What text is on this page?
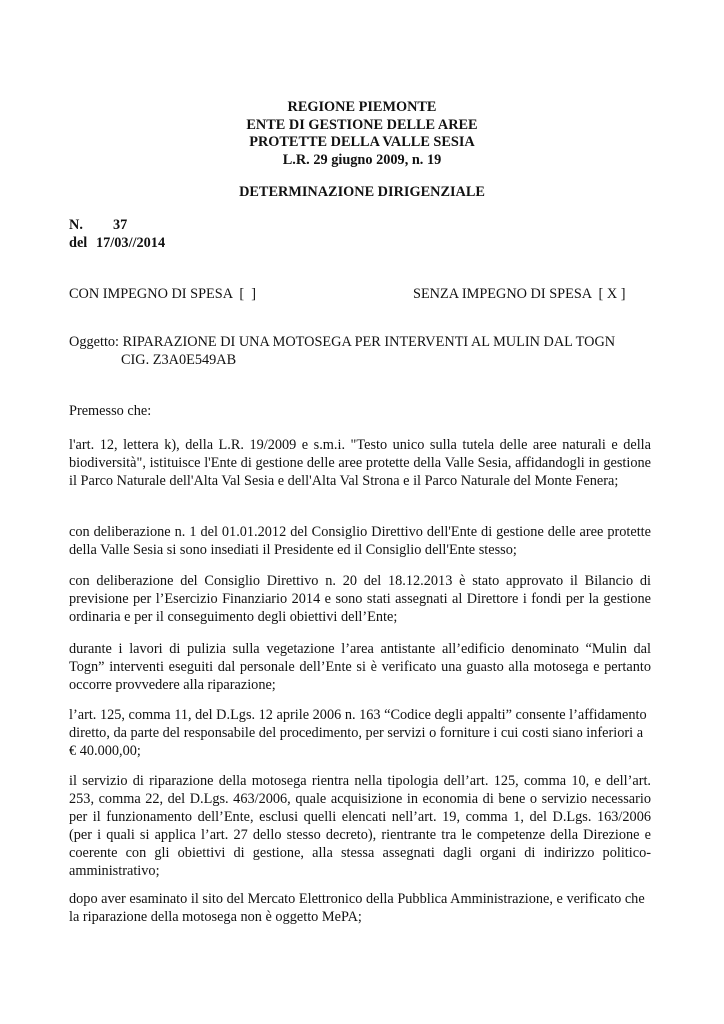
REGIONE PIEMONTE
ENTE DI GESTIONE DELLE AREE
PROTETTE DELLA VALLE SESIA
L.R. 29 giugno 2009, n. 19
DETERMINAZIONE DIRIGENZIALE
N. 37
del 17/03//2014
CON IMPEGNO DI SPESA  [  ]	SENZA IMPEGNO DI SPESA  [ X ]
Oggetto: RIPARAZIONE DI UNA MOTOSEGA PER INTERVENTI AL MULIN DAL TOGN
CIG. Z3A0E549AB
Premesso che:
l'art. 12, lettera k), della L.R. 19/2009 e s.m.i. "Testo unico sulla tutela delle aree naturali e della biodiversità", istituisce l'Ente di gestione delle aree protette della Valle Sesia, affidandogli in gestione il Parco Naturale dell'Alta Val Sesia e dell'Alta Val Strona e il Parco Naturale del Monte Fenera;
con deliberazione n. 1 del 01.01.2012 del Consiglio Direttivo dell'Ente di gestione delle aree protette della Valle Sesia si sono insediati il Presidente ed il Consiglio dell'Ente stesso;
con deliberazione del Consiglio Direttivo n. 20 del 18.12.2013 è stato approvato il Bilancio di previsione per l’Esercizio Finanziario 2014 e sono stati assegnati al Direttore i fondi per la gestione ordinaria e per il conseguimento degli obiettivi dell’Ente;
durante i lavori di pulizia sulla vegetazione l’area antistante all’edificio denominato “Mulin dal Togn” interventi eseguiti dal personale dell’Ente si è verificato una guasto alla motosega e pertanto occorre provvedere alla riparazione;
l’art. 125, comma 11, del D.Lgs. 12 aprile 2006 n. 163 “Codice degli appalti” consente l’affidamento diretto, da parte del responsabile del procedimento, per servizi o forniture i cui costi siano inferiori a € 40.000,00;
il servizio di riparazione della motosega rientra nella tipologia dell’art. 125, comma 10, e dell’art. 253, comma 22, del D.Lgs. 463/2006, quale acquisizione in economia di bene o servizio necessario per il funzionamento dell’Ente, esclusi quelli elencati nell’art. 19, comma 1, del D.Lgs. 163/2006 (per i quali si applica l’art. 27 dello stesso decreto), rientrante tra le competenze della Direzione e coerente con gli obiettivi di gestione, alla stessa assegnati dagli organi di indirizzo politico-amministrativo;
dopo aver esaminato il sito del Mercato Elettronico della Pubblica Amministrazione, e verificato che la riparazione della motosega non è oggetto MePA;
